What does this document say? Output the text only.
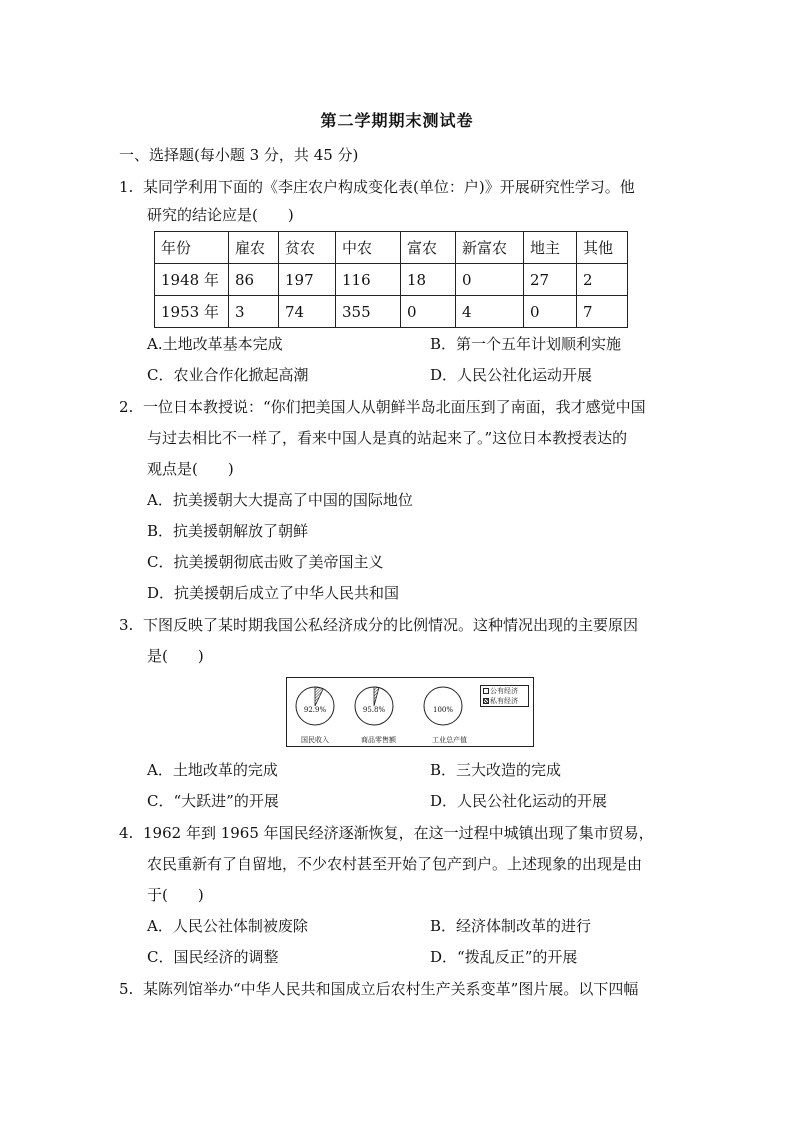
第二学期期末测试卷
一、选择题(每小题 3 分，共 45 分)
1. 某同学利用下面的《李庄农户构成变化表(单位：户)》开展研究性学习。他
研究的结论应是(　　)
年份	雇农	贫农	中农	富农	新富农	地主	其他
1948 年	86	197	116	18	0	27	2
1953 年	3	74	355	0	4	0	7
A.土地改革基本完成	B．第一个五年计划顺利实施
C．农业合作化掀起高潮	D．人民公社化运动开展
2. 一位日本教授说：“你们把美国人从朝鲜半岛北面压到了南面，我才感觉中国
与过去相比不一样了，看来中国人是真的站起来了。”这位日本教授表达的
观点是(　　)
A．抗美援朝大大提高了中国的国际地位
B．抗美援朝解放了朝鲜
C．抗美援朝彻底击败了美帝国主义
D．抗美援朝后成立了中华人民共和国
3. 下图反映了某时期我国公私经济成分的比例情况。这种情况出现的主要原因
是(　　)
92.9%	95.8%	100%
国民收入	商品零售额	工业总产值
公有经济
私有经济
A．土地改革的完成	B．三大改造的完成
C．“大跃进”的开展	D．人民公社化运动的开展
4. 1962 年到 1965 年国民经济逐渐恢复，在这一过程中城镇出现了集市贸易，
农民重新有了自留地，不少农村甚至开始了包产到户。上述现象的出现是由
于(　　)
A．人民公社体制被废除	B．经济体制改革的进行
C．国民经济的调整	D．“拨乱反正”的开展
5. 某陈列馆举办“中华人民共和国成立后农村生产关系变革”图片展。以下四幅
